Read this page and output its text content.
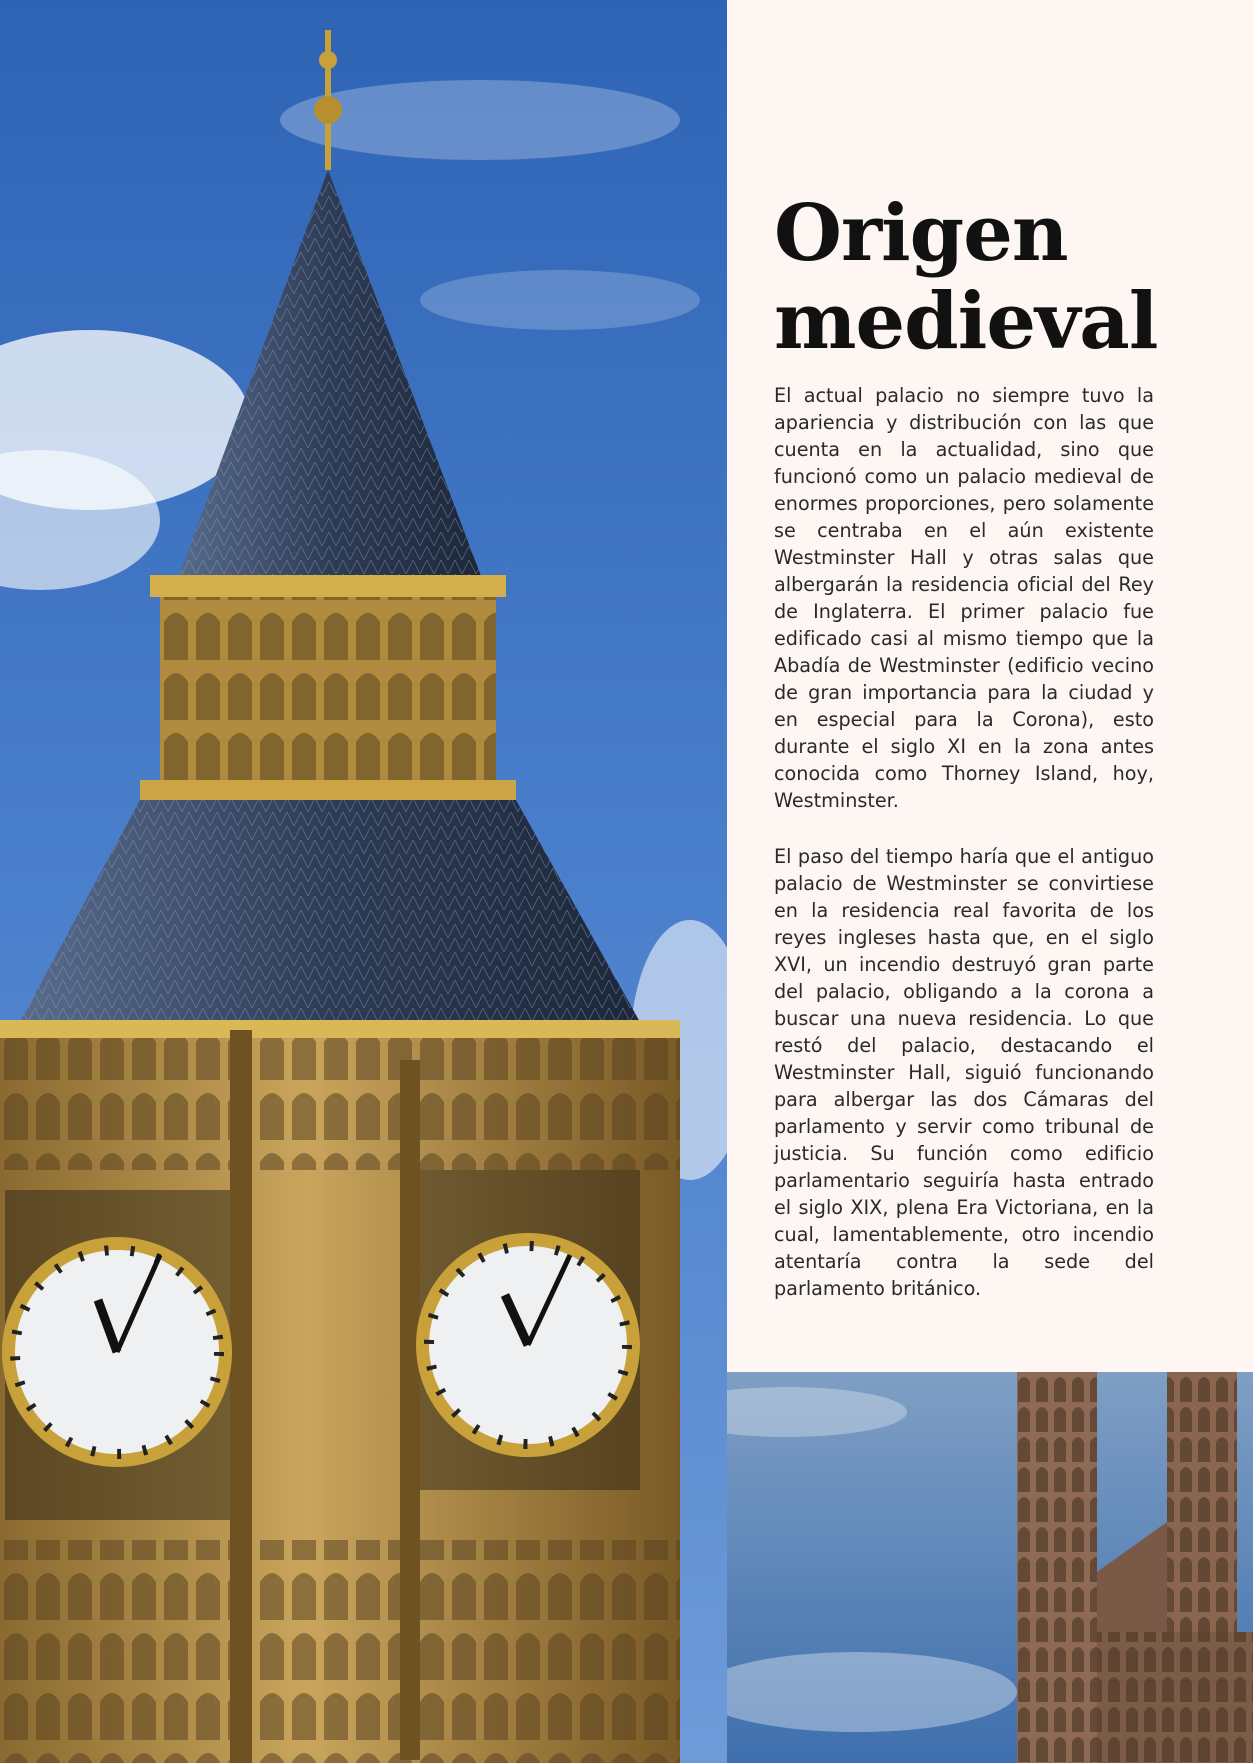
Origen medieval

El actual palacio no siempre tuvo la apariencia y distribución con las que cuenta en la actualidad, sino que funcionó como un palacio medieval de enormes proporciones, pero solamente se centraba en el aún existente Westminster Hall y otras salas que albergarán la residencia oficial del Rey de Inglaterra. El primer palacio fue edificado casi al mismo tiempo que la Abadía de Westminster (edificio vecino de gran importancia para la ciudad y en especial para la Corona), esto durante el siglo XI en la zona antes conocida como Thorney Island, hoy, Westminster.

El paso del tiempo haría que el antiguo palacio de Westminster se convirtiese en la residencia real favorita de los reyes ingleses hasta que, en el siglo XVI, un incendio destruyó gran parte del palacio, obligando a la corona a buscar una nueva residencia. Lo que restó del palacio, destacando el Westminster Hall, siguió funcionando para albergar las dos Cámaras del parlamento y servir como tribunal de justicia. Su función como edificio parlamentario seguiría hasta entrado el siglo XIX, plena Era Victoriana, en la cual, lamentablemente, otro incendio atentaría contra la sede del parlamento británico.
